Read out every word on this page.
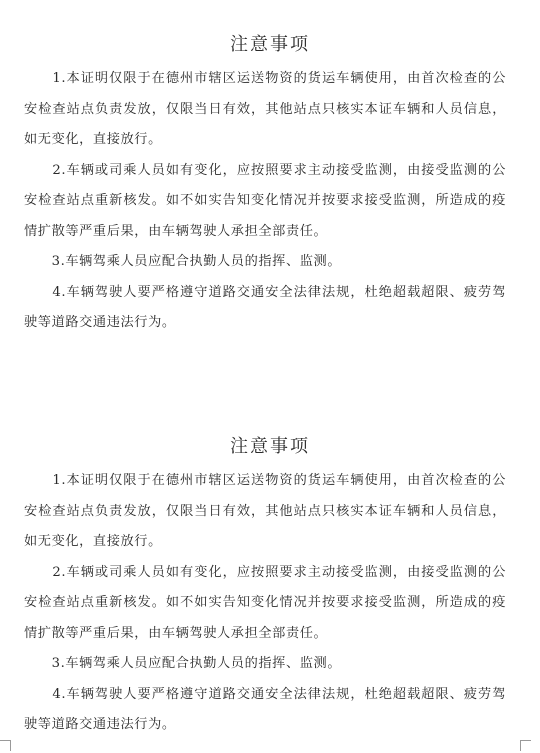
注意事项

　　1.本证明仅限于在德州市辖区运送物资的货运车辆使用，由首次检查的公安检查站点负责发放，仅限当日有效，其他站点只核实本证车辆和人员信息，如无变化，直接放行。

　　2.车辆或司乘人员如有变化，应按照要求主动接受监测，由接受监测的公安检查站点重新核发。如不如实告知变化情况并按要求接受监测，所造成的疫情扩散等严重后果，由车辆驾驶人承担全部责任。

　　3.车辆驾乘人员应配合执勤人员的指挥、监测。

　　4.车辆驾驶人要严格遵守道路交通安全法律法规，杜绝超载超限、疲劳驾驶等道路交通违法行为。

注意事项

　　1.本证明仅限于在德州市辖区运送物资的货运车辆使用，由首次检查的公安检查站点负责发放，仅限当日有效，其他站点只核实本证车辆和人员信息，如无变化，直接放行。

　　2.车辆或司乘人员如有变化，应按照要求主动接受监测，由接受监测的公安检查站点重新核发。如不如实告知变化情况并按要求接受监测，所造成的疫情扩散等严重后果，由车辆驾驶人承担全部责任。

　　3.车辆驾乘人员应配合执勤人员的指挥、监测。

　　4.车辆驾驶人要严格遵守道路交通安全法律法规，杜绝超载超限、疲劳驾驶等道路交通违法行为。
